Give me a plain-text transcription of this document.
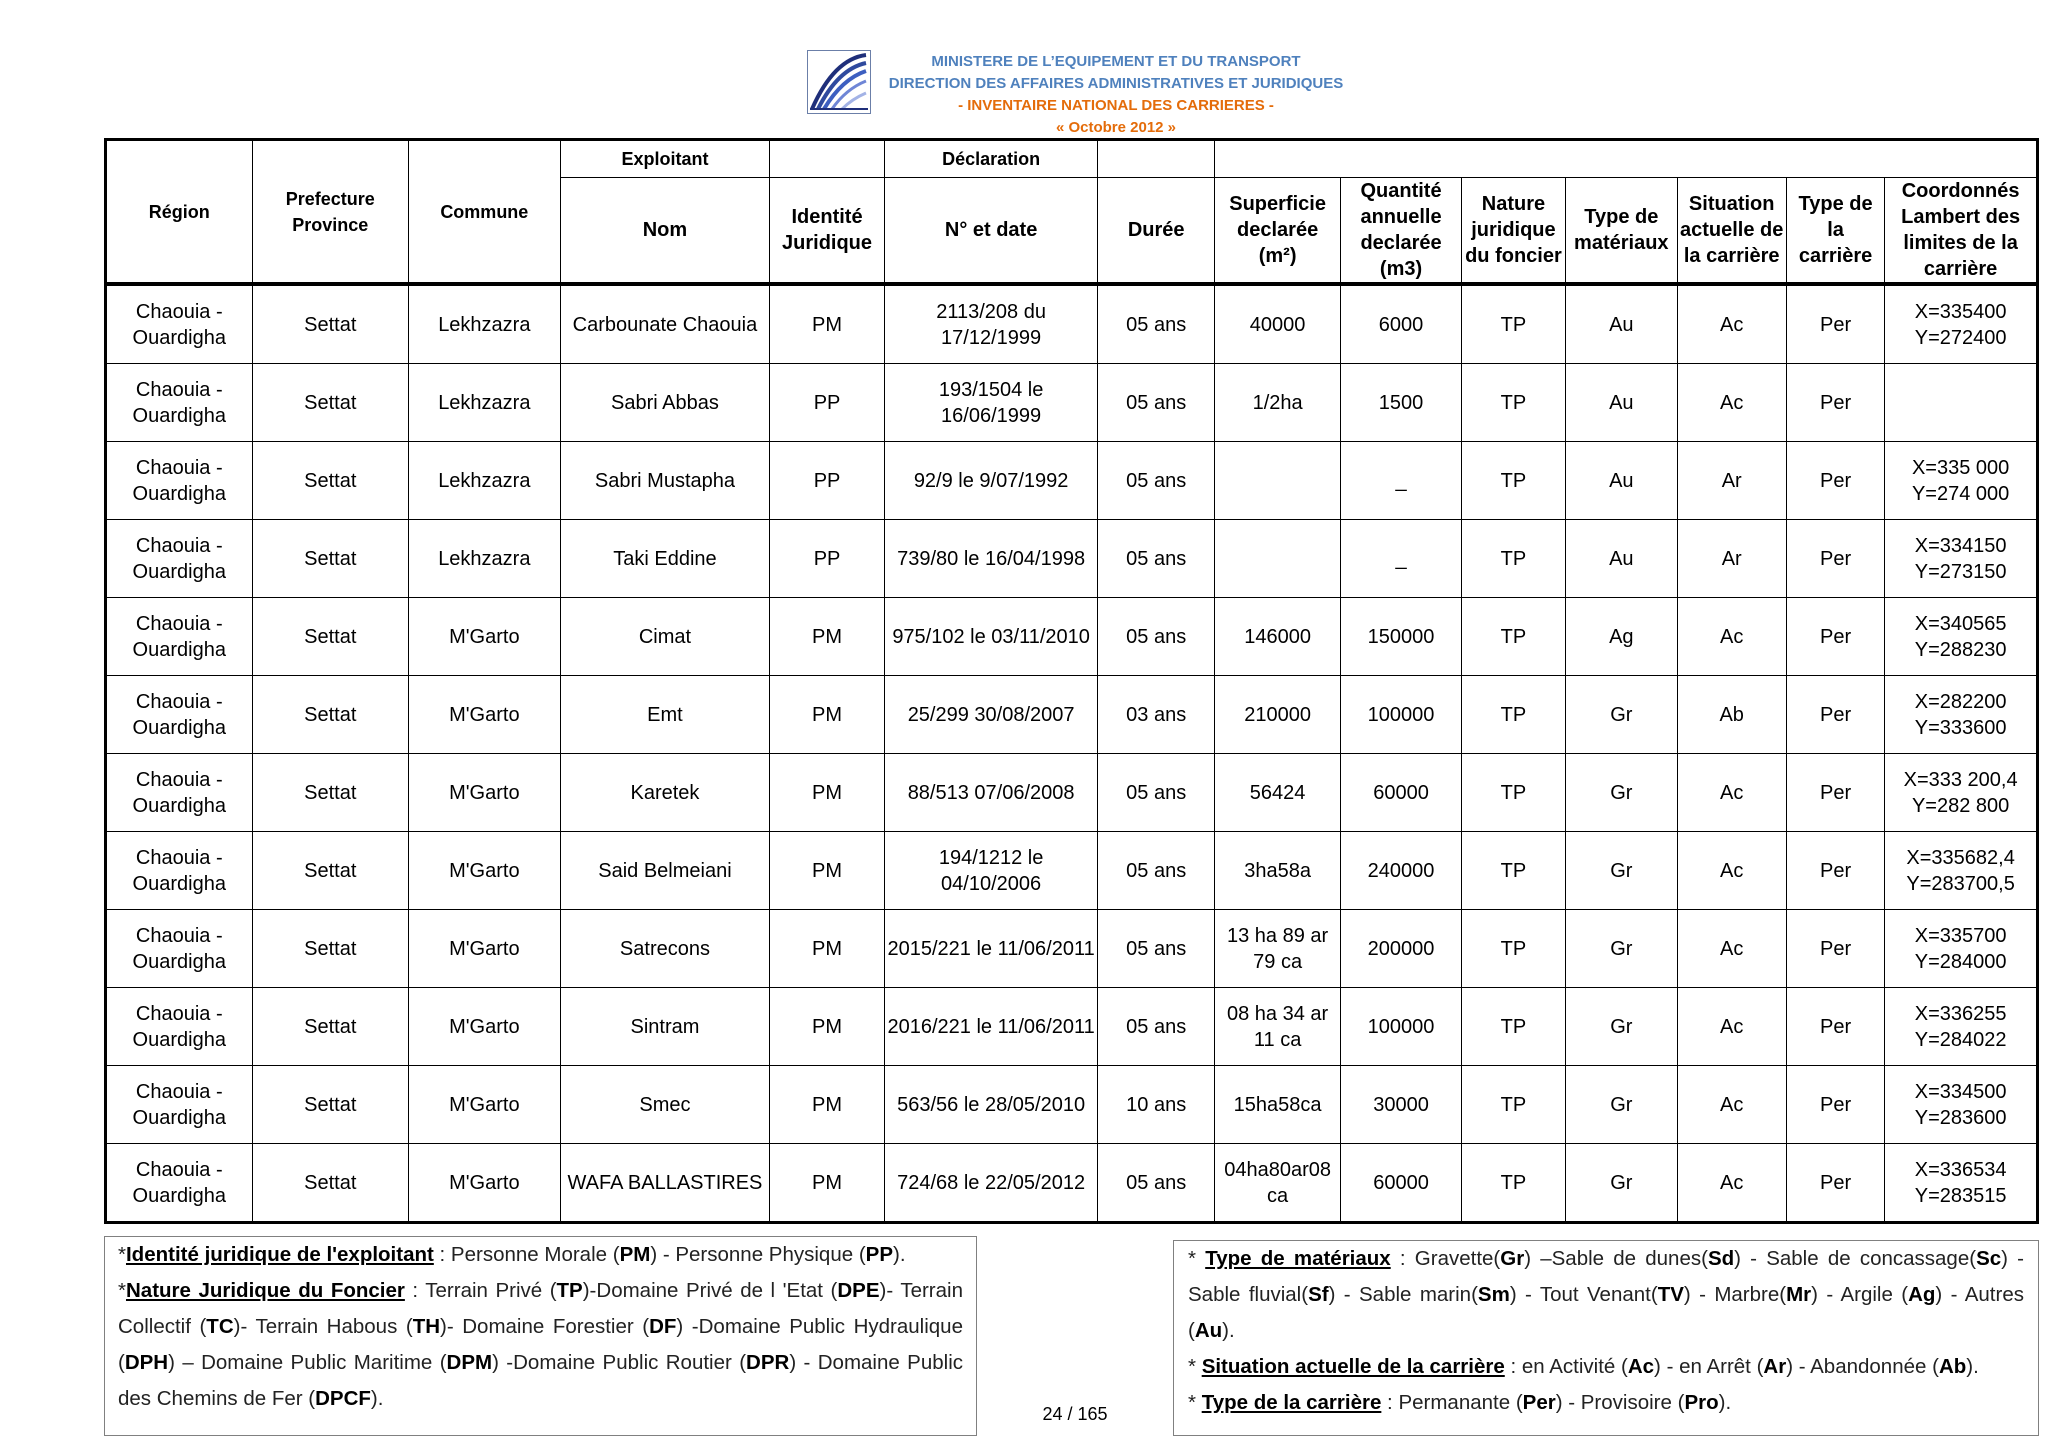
MINISTERE DE L’EQUIPEMENT ET DU TRANSPORT
DIRECTION DES AFFAIRES ADMINISTRATIVES ET JURIDIQUES
- INVENTAIRE NATIONAL DES CARRIERES -
« Octobre 2012 »
Région	Prefecture Province	Commune	Exploitant		Déclaration								
			Nom	Identité Juridique	N° et date	Durée	Superficie declarée (m²)	Quantité annuelle declarée (m3)	Nature juridique du foncier	Type de matériaux	Situation actuelle de la carrière	Type de la carrière	Coordonnés Lambert des limites de la carrière
Chaouia - Ouardigha	Settat	Lekhzazra	Carbounate Chaouia	PM	2113/208 du 17/12/1999	05 ans	40000	6000	TP	Au	Ac	Per	X=335400 Y=272400
Chaouia - Ouardigha	Settat	Lekhzazra	Sabri Abbas	PP	193/1504 le 16/06/1999	05 ans	1/2ha	1500	TP	Au	Ac	Per	
Chaouia - Ouardigha	Settat	Lekhzazra	Sabri Mustapha	PP	92/9 le 9/07/1992	05 ans		_	TP	Au	Ar	Per	X=335 000 Y=274 000
Chaouia - Ouardigha	Settat	Lekhzazra	Taki Eddine	PP	739/80 le 16/04/1998	05 ans		_	TP	Au	Ar	Per	X=334150 Y=273150
Chaouia - Ouardigha	Settat	M'Garto	Cimat	PM	975/102 le 03/11/2010	05 ans	146000	150000	TP	Ag	Ac	Per	X=340565 Y=288230
Chaouia - Ouardigha	Settat	M'Garto	Emt	PM	25/299 30/08/2007	03 ans	210000	100000	TP	Gr	Ab	Per	X=282200 Y=333600
Chaouia - Ouardigha	Settat	M'Garto	Karetek	PM	88/513 07/06/2008	05 ans	56424	60000	TP	Gr	Ac	Per	X=333 200,4 Y=282 800
Chaouia - Ouardigha	Settat	M'Garto	Said Belmeiani	PM	194/1212 le 04/10/2006	05 ans	3ha58a	240000	TP	Gr	Ac	Per	X=335682,4 Y=283700,5
Chaouia - Ouardigha	Settat	M'Garto	Satrecons	PM	2015/221 le 11/06/2011	05 ans	13 ha 89 ar 79 ca	200000	TP	Gr	Ac	Per	X=335700 Y=284000
Chaouia - Ouardigha	Settat	M'Garto	Sintram	PM	2016/221 le 11/06/2011	05 ans	08 ha 34 ar 11 ca	100000	TP	Gr	Ac	Per	X=336255 Y=284022
Chaouia - Ouardigha	Settat	M'Garto	Smec	PM	563/56 le 28/05/2010	10 ans	15ha58ca	30000	TP	Gr	Ac	Per	X=334500 Y=283600
Chaouia - Ouardigha	Settat	M'Garto	WAFA BALLASTIRES	PM	724/68 le 22/05/2012	05 ans	04ha80ar08 ca	60000	TP	Gr	Ac	Per	X=336534 Y=283515
*Identité juridique de l'exploitant : Personne Morale (PM) - Personne Physique (PP).
*Nature Juridique du Foncier : Terrain Privé (TP)-Domaine Privé de l 'Etat (DPE)- Terrain Collectif (TC)- Terrain Habous (TH)- Domaine Forestier (DF) -Domaine Public Hydraulique (DPH) – Domaine Public Maritime (DPM) -Domaine Public Routier (DPR) - Domaine Public des Chemins de Fer (DPCF).
* Type de matériaux : Gravette(Gr) –Sable de dunes(Sd) - Sable de concassage(Sc) - Sable fluvial(Sf) - Sable marin(Sm) - Tout Venant(TV) - Marbre(Mr) - Argile (Ag) - Autres (Au).
* Situation actuelle de la carrière : en Activité (Ac) - en Arrêt (Ar) - Abandonnée (Ab).
* Type de la carrière : Permanante (Per) - Provisoire (Pro).
24 / 165
